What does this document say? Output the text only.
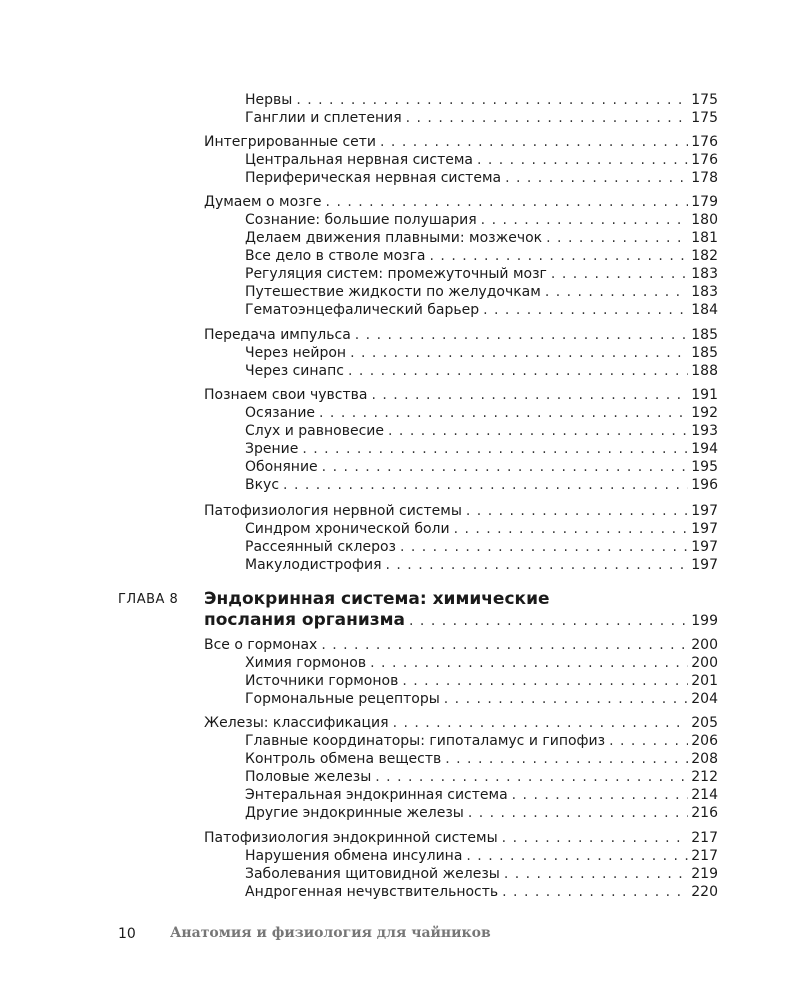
Нервы . . .	175
Ганглии и сплетения . . .	175
Интегрированные сети . . .	176
Центральная нервная система . . .	176
Периферическая нервная система . . .	178
Думаем о мозге . . .	179
Сознание: большие полушария . . .	180
Делаем движения плавными: мозжечок . . .	181
Все дело в стволе мозга . . .	182
Регуляция систем: промежуточный мозг . . .	183
Путешествие жидкости по желудочкам . . .	183
Гематоэнцефалический барьер . . .	184
Передача импульса . . .	185
Через нейрон . . .	185
Через синапс . . .	188
Познаем свои чувства . . .	191
Осязание . . .	192
Слух и равновесие . . .	193
Зрение . . .	194
Обоняние . . .	195
Вкус . . .	196
Патофизиология нервной системы . . .	197
Синдром хронической боли . . .	197
Рассеянный склероз . . .	197
Макулодистрофия . . .	197
ГЛАВА 8 Эндокринная система: химические
послания организма . . .	199
Все о гормонах . . .	200
Химия гормонов . . .	200
Источники гормонов . . .	201
Гормональные рецепторы . . .	204
Железы: классификация . . .	205
Главные координаторы: гипоталамус и гипофиз . . .	206
Контроль обмена веществ . . .	208
Половые железы . . .	212
Энтеральная эндокринная система . . .	214
Другие эндокринные железы . . .	216
Патофизиология эндокринной системы . . .	217
Нарушения обмена инсулина . . .	217
Заболевания щитовидной железы . . .	219
Андрогенная нечувствительность . . .	220
10 Анатомия и физиология для чайников
